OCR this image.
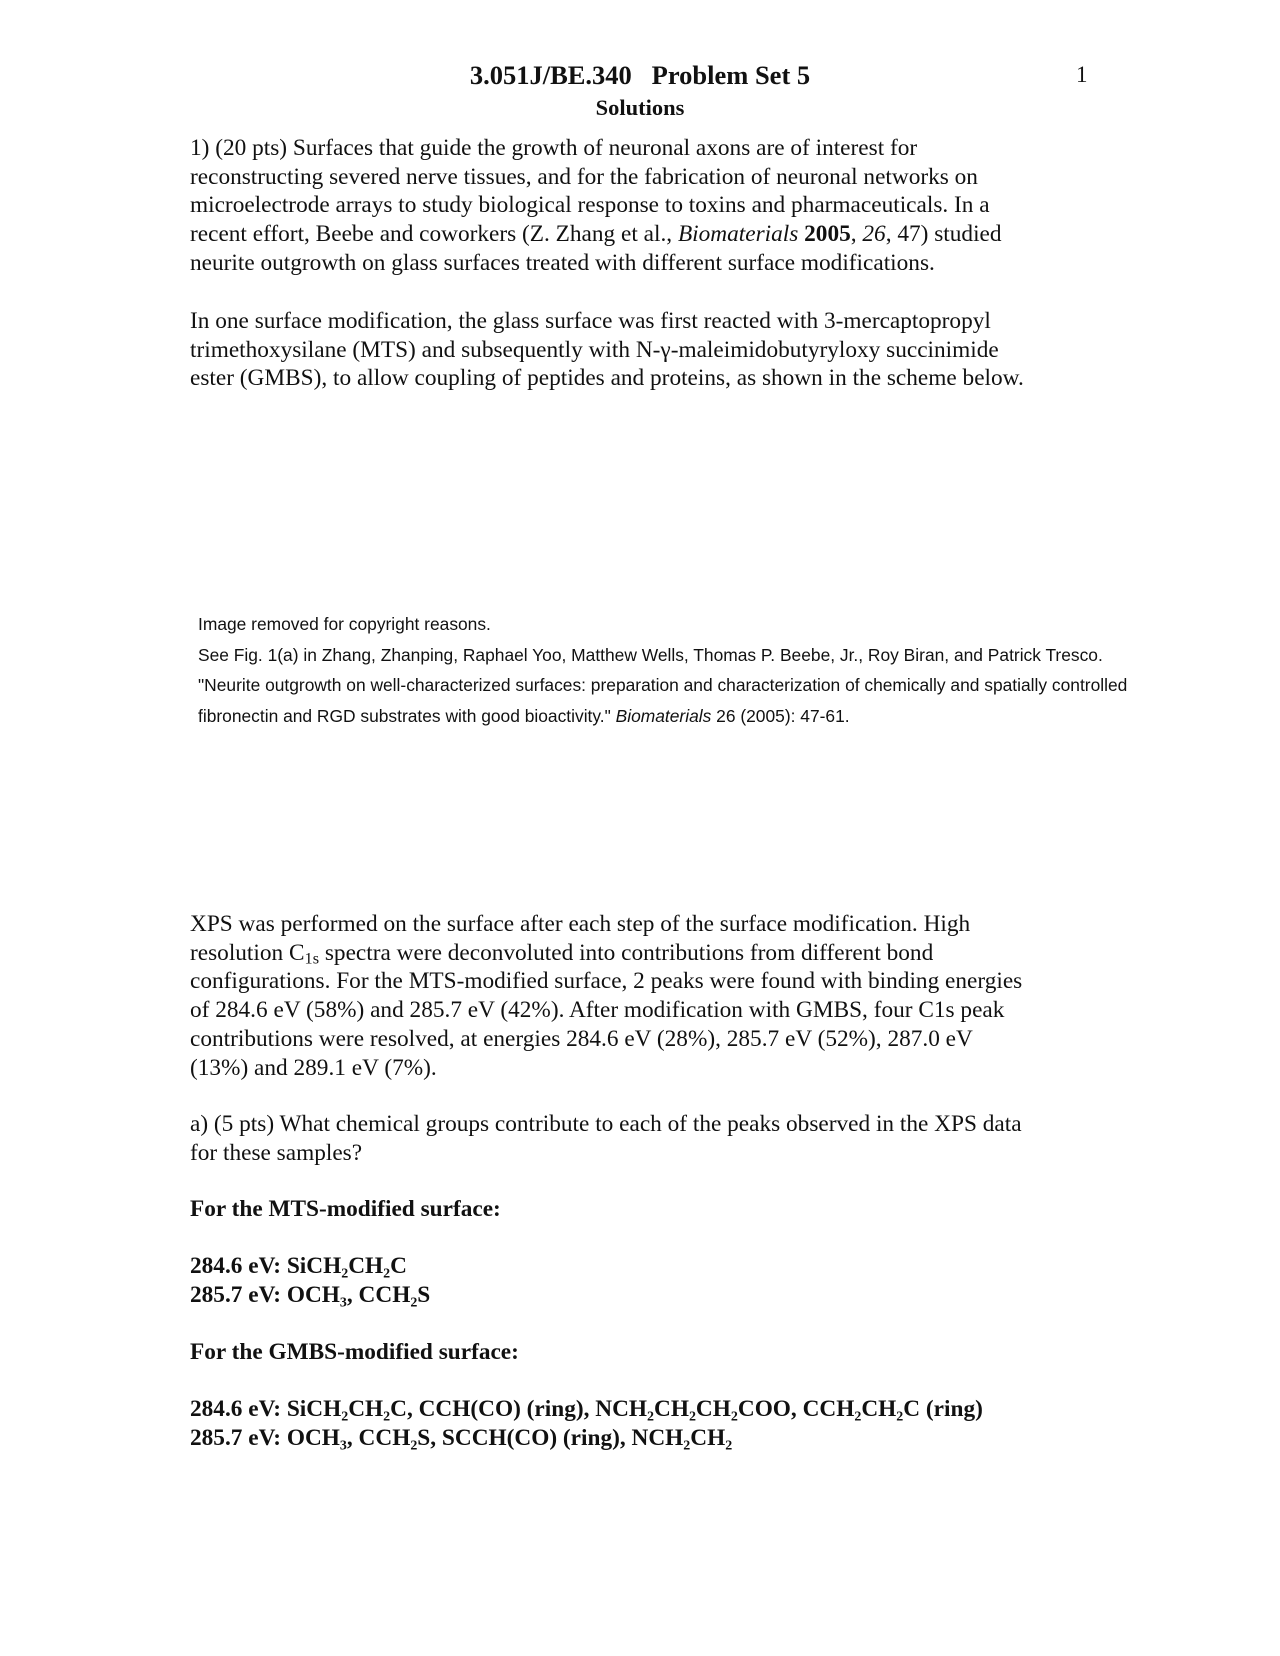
3.051J/BE.340   Problem Set 5
Solutions
1
1) (20 pts) Surfaces that guide the growth of neuronal axons are of interest for
reconstructing severed nerve tissues, and for the fabrication of neuronal networks on
microelectrode arrays to study biological response to toxins and pharmaceuticals. In a
recent effort, Beebe and coworkers (Z. Zhang et al., Biomaterials 2005, 26, 47) studied
neurite outgrowth on glass surfaces treated with different surface modifications.
In one surface modification, the glass surface was first reacted with 3-mercaptopropyl
trimethoxysilane (MTS) and subsequently with N-γ-maleimidobutyryloxy succinimide
ester (GMBS), to allow coupling of peptides and proteins, as shown in the scheme below.
Image removed for copyright reasons.
See Fig. 1(a) in Zhang, Zhanping, Raphael Yoo, Matthew Wells, Thomas P. Beebe, Jr., Roy Biran, and Patrick Tresco.
"Neurite outgrowth on well-characterized surfaces: preparation and characterization of chemically and spatially controlled
fibronectin and RGD substrates with good bioactivity." Biomaterials 26 (2005): 47-61.
XPS was performed on the surface after each step of the surface modification. High
resolution $C_{1s}$ spectra were deconvoluted into contributions from different bond
configurations. For the MTS-modified surface, 2 peaks were found with binding energies
of 284.6 eV (58%) and 285.7 eV (42%). After modification with GMBS, four C1s peak
contributions were resolved, at energies 284.6 eV (28%), 285.7 eV (52%), 287.0 eV
(13%) and 289.1 eV (7%).
a) (5 pts) What chemical groups contribute to each of the peaks observed in the XPS data
for these samples?
For the MTS-modified surface:
284.6 eV: SiCH₂CH₂C
285.7 eV: OCH₃, CCH₂S
For the GMBS-modified surface:
284.6 eV: SiCH₂CH₂C, CCH(CO) (ring), NCH₂CH₂CH₂COO, CCH₂CH₂C (ring)
285.7 eV: OCH₃, CCH₂S, SCCH(CO) (ring), NCH₂CH₂
